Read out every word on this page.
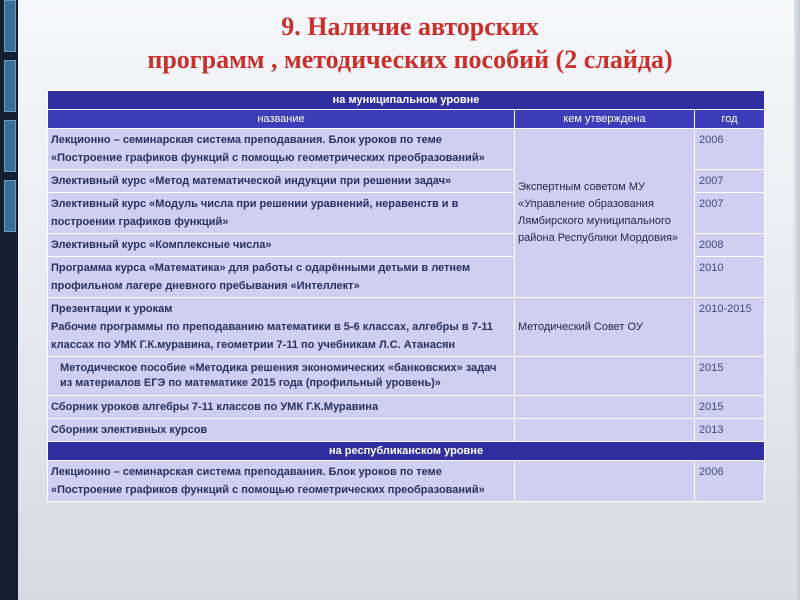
9. Наличие авторских
программ , методических пособий (2 слайда)
на муниципальном уровне		
название	кем утверждена	год
Лекционно – семинарская система преподавания. Блок уроков по теме «Построение графиков функций с помощью геометрических преобразований»	Экспертным советом МУ «Управление образования Лямбирского муниципального района Республики Мордовия»	2006
Элективный курс «Метод математической индукции при решении задач»		2007
Элективный курс «Модуль числа при решении уравнений, неравенств и в построении графиков функций»		2007
Элективный курс «Комплексные числа»		2008
Программа курса «Математика» для работы с одарёнными детьми в летнем профильном лагере дневного пребывания «Интеллект»		2010

Презентации к урокам
Рабочие программы по преподаванию математики в 5-6 классах, алгебры в 7-11 классах по УМК Г.К.муравина, геометрии 7-11 по учебникам Л.С. Атанасян	Методический Совет ОУ	2010-2015
Методическое пособие «Методика решения экономических «банковских» задач из материалов ЕГЭ по математике 2015 года (профильный уровень)»		2015
Сборник уроков алгебры 7-11 классов по УМК Г.К.Муравина		2015
Сборник элективных курсов		2013
на республиканском уровне		
Лекционно – семинарская система преподавания. Блок уроков по теме «Построение графиков функций с помощью геометрических преобразований»		2006
